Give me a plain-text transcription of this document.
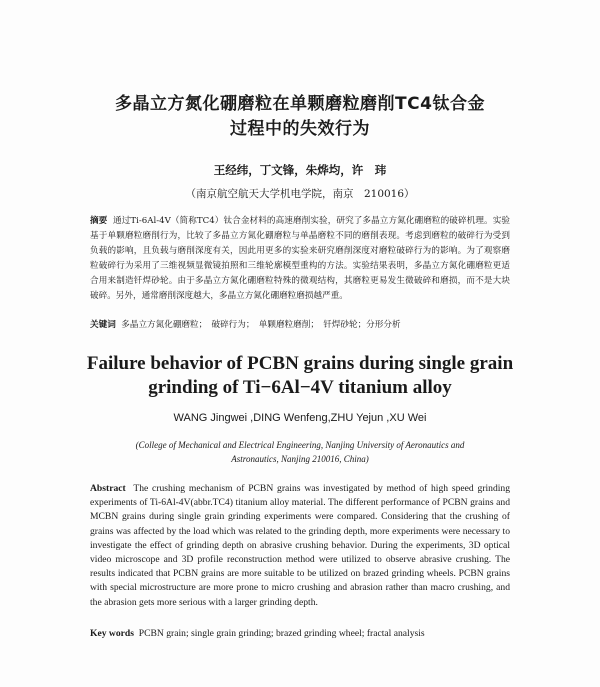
多晶立方氮化硼磨粒在单颗磨粒磨削TC4钛合金
过程中的失效行为
王经纬，丁文锋，朱烨均，许　玮
（南京航空航天大学机电学院，南京　210016）
摘要 通过Ti-6Al-4V（简称TC4）钛合金材料的高速磨削实验，研究了多晶立方氮化硼磨粒的破碎机理。实验基于单颗磨粒磨削行为，比较了多晶立方氮化硼磨粒与单晶磨粒不同的磨削表现。考虑到磨粒的破碎行为受到负载的影响，且负载与磨削深度有关，因此用更多的实验来研究磨削深度对磨粒破碎行为的影响。为了观察磨粒破碎行为采用了三维视频显微镜拍照和三维轮廓模型重构的方法。实验结果表明，多晶立方氮化硼磨粒更适合用来制造钎焊砂轮。由于多晶立方氮化硼磨粒特殊的微观结构，其磨粒更易发生微破碎和磨损，而不是大块破碎。另外，通常磨削深度越大，多晶立方氮化硼磨粒磨损越严重。
关键词 多晶立方氮化硼磨粒；　破碎行为；　单颗磨粒磨削；　钎焊砂轮；分形分析
Failure behavior of PCBN grains during single grain
grinding of Ti−6Al−4V titanium alloy
WANG Jingwei ,DING Wenfeng,ZHU Yejun ,XU Wei
(College of Mechanical and Electrical Engineering, Nanjing University of Aeronautics and
Astronautics, Nanjing 210016, China)
Abstract The crushing mechanism of PCBN grains was investigated by method of high speed grinding experiments of Ti-6Al-4V(abbr.TC4) titanium alloy material. The different performance of PCBN grains and MCBN grains during single grain grinding experiments were compared. Considering that the crushing of grains was affected by the load which was related to the grinding depth, more experiments were necessary to investigate the effect of grinding depth on abrasive crushing behavior. During the experiments, 3D optical video microscope and 3D profile reconstruction method were utilized to observe abrasive crushing. The results indicated that PCBN grains are more suitable to be utilized on brazed grinding wheels. PCBN grains with special microstructure are more prone to micro crushing and abrasion rather than macro crushing, and the abrasion gets more serious with a larger grinding depth.
Key words PCBN grain; single grain grinding; brazed grinding wheel; fractal analysis
